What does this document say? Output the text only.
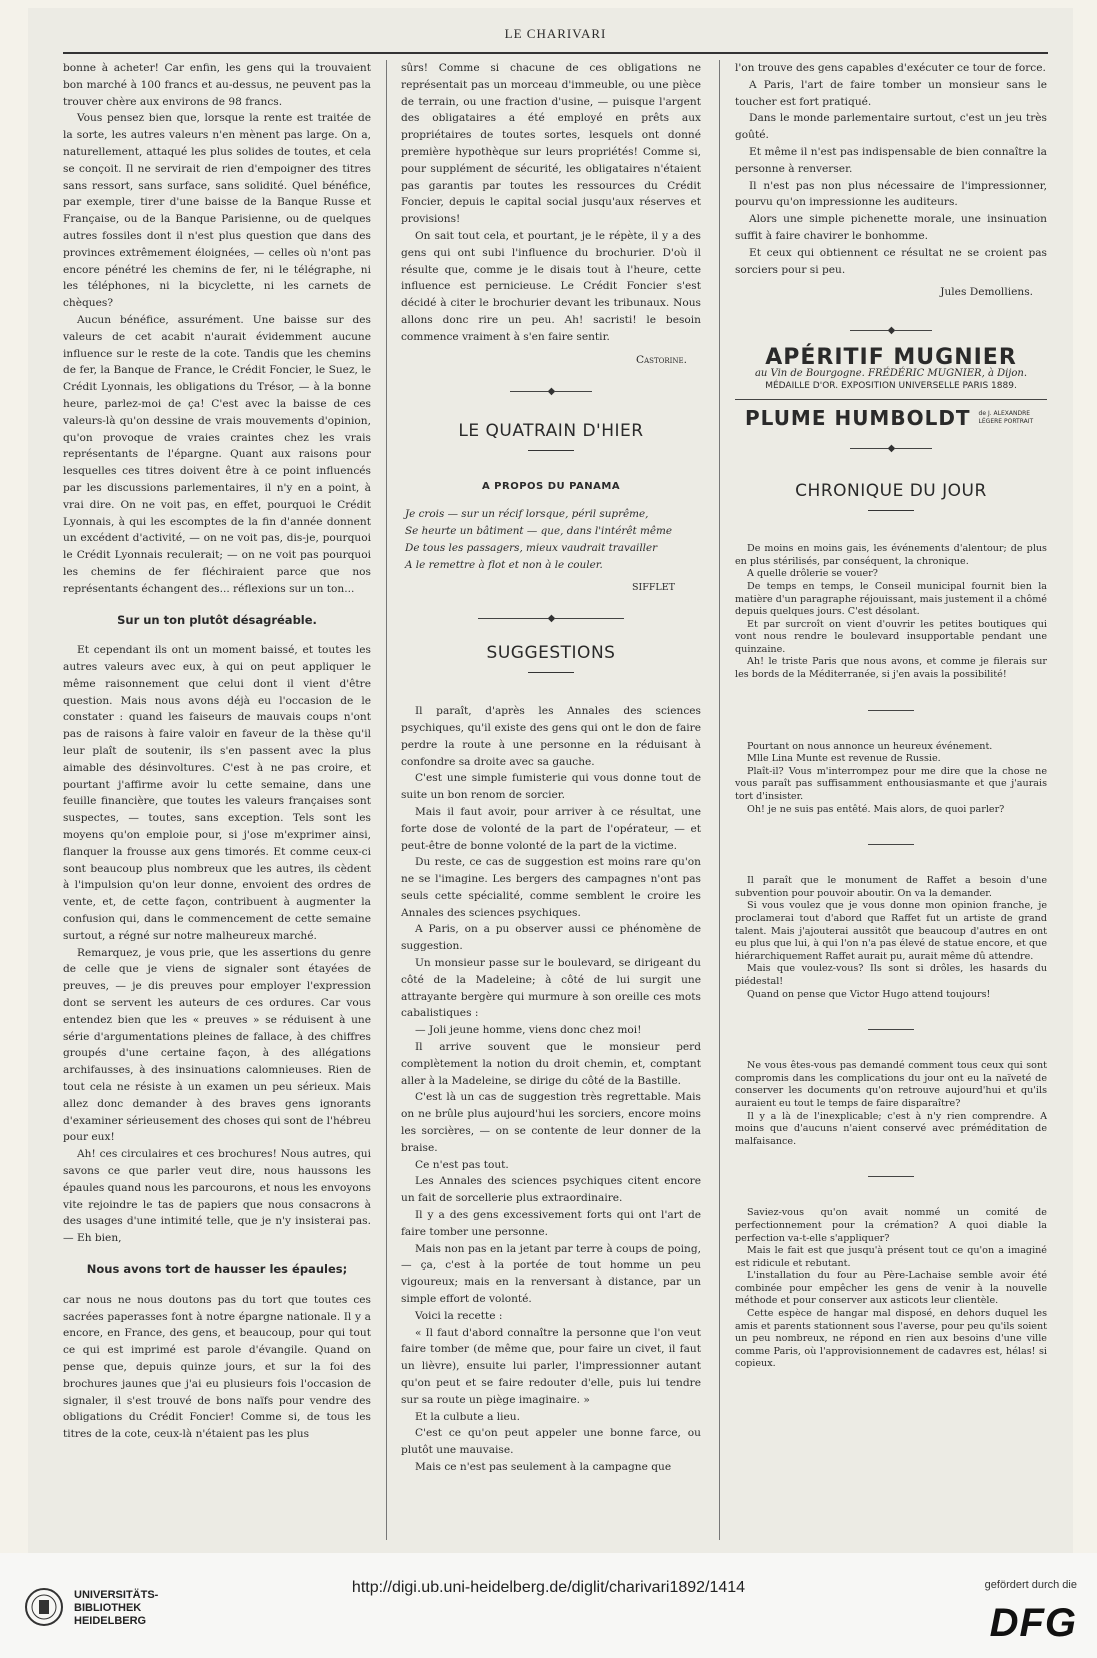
LE CHARIVARI

bonne à acheter! Car enfin, les gens qui la trouvaient bon marché à 100 francs et au-dessus, ne peuvent pas la trouver chère aux environs de 98 francs.

Vous pensez bien que, lorsque la rente est traitée de la sorte, les autres valeurs n'en mènent pas large. On a, naturellement, attaqué les plus solides de toutes, et cela se conçoit. Il ne servirait de rien d'empoigner des titres sans ressort, sans surface, sans solidité. Quel bénéfice, par exemple, tirer d'une baisse de la Banque Russe et Française, ou de la Banque Parisienne, ou de quelques autres fossiles dont il n'est plus question que dans des provinces extrêmement éloignées, — celles où n'ont pas encore pénétré les chemins de fer, ni le télégraphe, ni les téléphones, ni la bicyclette, ni les carnets de chèques?

Aucun bénéfice, assurément. Une baisse sur des valeurs de cet acabit n'aurait évidemment aucune influence sur le reste de la cote. Tandis que les chemins de fer, la Banque de France, le Crédit Foncier, le Suez, le Crédit Lyonnais, les obligations du Trésor, — à la bonne heure, parlez-moi de ça! C'est avec la baisse de ces valeurs-là qu'on dessine de vrais mouvements d'opinion, qu'on provoque de vraies craintes chez les vrais représentants de l'épargne. Quant aux raisons pour lesquelles ces titres doivent être à ce point influencés par les discussions parlementaires, il n'y en a point, à vrai dire. On ne voit pas, en effet, pourquoi le Crédit Lyonnais, à qui les escomptes de la fin d'année donnent un excédent d'activité, — on ne voit pas, dis-je, pourquoi le Crédit Lyonnais reculerait; — on ne voit pas pourquoi les chemins de fer fléchiraient parce que nos représentants échangent des... réflexions sur un ton...

Sur un ton plutôt désagréable.

Et cependant ils ont un moment baissé, et toutes les autres valeurs avec eux, à qui on peut appliquer le même raisonnement que celui dont il vient d'être question. Mais nous avons déjà eu l'occasion de le constater : quand les faiseurs de mauvais coups n'ont pas de raisons à faire valoir en faveur de la thèse qu'il leur plaît de soutenir, ils s'en passent avec la plus aimable des désinvoltures. C'est à ne pas croire, et pourtant j'affirme avoir lu cette semaine, dans une feuille financière, que toutes les valeurs françaises sont suspectes, — toutes, sans exception. Tels sont les moyens qu'on emploie pour, si j'ose m'exprimer ainsi, flanquer la frousse aux gens timorés. Et comme ceux-ci sont beaucoup plus nombreux que les autres, ils cèdent à l'impulsion qu'on leur donne, envoient des ordres de vente, et, de cette façon, contribuent à augmenter la confusion qui, dans le commencement de cette semaine surtout, a régné sur notre malheureux marché.

Remarquez, je vous prie, que les assertions du genre de celle que je viens de signaler sont étayées de preuves, — je dis preuves pour employer l'expression dont se servent les auteurs de ces ordures. Car vous entendez bien que les « preuves » se réduisent à une série d'argumentations pleines de fallace, à des chiffres groupés d'une certaine façon, à des allégations archifausses, à des insinuations calomnieuses. Rien de tout cela ne résiste à un examen un peu sérieux. Mais allez donc demander à des braves gens ignorants d'examiner sérieusement des choses qui sont de l'hébreu pour eux!

Ah! ces circulaires et ces brochures! Nous autres, qui savons ce que parler veut dire, nous haussons les épaules quand nous les parcourons, et nous les envoyons vite rejoindre le tas de papiers que nous consacrons à des usages d'une intimité telle, que je n'y insisterai pas. — Eh bien,

Nous avons tort de hausser les épaules;

car nous ne nous doutons pas du tort que toutes ces sacrées paperasses font à notre épargne nationale. Il y a encore, en France, des gens, et beaucoup, pour qui tout ce qui est imprimé est parole d'évangile. Quand on pense que, depuis quinze jours, et sur la foi des brochures jaunes que j'ai eu plusieurs fois l'occasion de signaler, il s'est trouvé de bons naïfs pour vendre des obligations du Crédit Foncier! Comme si, de tous les titres de la cote, ceux-là n'étaient pas les plus

sûrs! Comme si chacune de ces obligations ne représentait pas un morceau d'immeuble, ou une pièce de terrain, ou une fraction d'usine, — puisque l'argent des obligataires a été employé en prêts aux propriétaires de toutes sortes, lesquels ont donné première hypothèque sur leurs propriétés! Comme si, pour supplément de sécurité, les obligataires n'étaient pas garantis par toutes les ressources du Crédit Foncier, depuis le capital social jusqu'aux réserves et provisions!

On sait tout cela, et pourtant, je le répète, il y a des gens qui ont subi l'influence du brochurier. D'où il résulte que, comme je le disais tout à l'heure, cette influence est pernicieuse. Le Crédit Foncier s'est décidé à citer le brochurier devant les tribunaux. Nous allons donc rire un peu. Ah! sacristi! le besoin commence vraiment à s'en faire sentir.

Castorine.
◆
LE QUATRAIN D'HIER
A PROPOS DU PANAMA
Je crois — sur un récif lorsque, péril suprême,
Se heurte un bâtiment — que, dans l'intérêt même
De tous les passagers, mieux vaudrait travailler
A le remettre à flot et non à le couler.
SIFFLET
◆
SUGGESTIONS

Il paraît, d'après les Annales des sciences psychiques, qu'il existe des gens qui ont le don de faire perdre la route à une personne en la réduisant à confondre sa droite avec sa gauche.

C'est une simple fumisterie qui vous donne tout de suite un bon renom de sorcier.

Mais il faut avoir, pour arriver à ce résultat, une forte dose de volonté de la part de l'opérateur, — et peut-être de bonne volonté de la part de la victime.

Du reste, ce cas de suggestion est moins rare qu'on ne se l'imagine. Les bergers des campagnes n'ont pas seuls cette spécialité, comme semblent le croire les Annales des sciences psychiques.

A Paris, on a pu observer aussi ce phénomène de suggestion.

Un monsieur passe sur le boulevard, se dirigeant du côté de la Madeleine; à côté de lui surgit une attrayante bergère qui murmure à son oreille ces mots cabalistiques :

— Joli jeune homme, viens donc chez moi!

Il arrive souvent que le monsieur perd complètement la notion du droit chemin, et, comptant aller à la Madeleine, se dirige du côté de la Bastille.

C'est là un cas de suggestion très regrettable. Mais on ne brûle plus aujourd'hui les sorciers, encore moins les sorcières, — on se contente de leur donner de la braise.

Ce n'est pas tout.

Les Annales des sciences psychiques citent encore un fait de sorcellerie plus extraordinaire.

Il y a des gens excessivement forts qui ont l'art de faire tomber une personne.

Mais non pas en la jetant par terre à coups de poing, — ça, c'est à la portée de tout homme un peu vigoureux; mais en la renversant à distance, par un simple effort de volonté.

Voici la recette :

« Il faut d'abord connaître la personne que l'on veut faire tomber (de même que, pour faire un civet, il faut un lièvre), ensuite lui parler, l'impressionner autant qu'on peut et se faire redouter d'elle, puis lui tendre sur sa route un piège imaginaire. »

Et la culbute a lieu.

C'est ce qu'on peut appeler une bonne farce, ou plutôt une mauvaise.

Mais ce n'est pas seulement à la campagne que

l'on trouve des gens capables d'exécuter ce tour de force.

A Paris, l'art de faire tomber un monsieur sans le toucher est fort pratiqué.

Dans le monde parlementaire surtout, c'est un jeu très goûté.

Et même il n'est pas indispensable de bien connaître la personne à renverser.

Il n'est pas non plus nécessaire de l'impressionner, pourvu qu'on impressionne les auditeurs.

Alors une simple pichenette morale, une insinuation suffit à faire chavirer le bonhomme.

Et ceux qui obtiennent ce résultat ne se croient pas sorciers pour si peu.

Jules Demolliens.
◆
APÉRITIF MUGNIER
au Vin de Bourgogne. FRÉDÉRIC MUGNIER, à Dijon.
MÉDAILLE D'OR. EXPOSITION UNIVERSELLE PARIS 1889.
PLUME HUMBOLDT de J. ALEXANDRE
LÉGERE PORTRAIT
◆
CHRONIQUE DU JOUR

De moins en moins gais, les événements d'alentour; de plus en plus stérilisés, par conséquent, la chronique.

A quelle drôlerie se vouer?

De temps en temps, le Conseil municipal fournit bien la matière d'un paragraphe réjouissant, mais justement il a chômé depuis quelques jours. C'est désolant.

Et par surcroît on vient d'ouvrir les petites boutiques qui vont nous rendre le boulevard insupportable pendant une quinzaine.

Ah! le triste Paris que nous avons, et comme je filerais sur les bords de la Méditerranée, si j'en avais la possibilité!

Pourtant on nous annonce un heureux événement.

Mlle Lina Munte est revenue de Russie.

Plaît-il? Vous m'interrompez pour me dire que la chose ne vous paraît pas suffisamment enthousiasmante et que j'aurais tort d'insister.

Oh! je ne suis pas entêté. Mais alors, de quoi parler?

Il paraît que le monument de Raffet a besoin d'une subvention pour pouvoir aboutir. On va la demander.

Si vous voulez que je vous donne mon opinion franche, je proclamerai tout d'abord que Raffet fut un artiste de grand talent. Mais j'ajouterai aussitôt que beaucoup d'autres en ont eu plus que lui, à qui l'on n'a pas élevé de statue encore, et que hiérarchiquement Raffet aurait pu, aurait même dû attendre.

Mais que voulez-vous? Ils sont si drôles, les hasards du piédestal!

Quand on pense que Victor Hugo attend toujours!

Ne vous êtes-vous pas demandé comment tous ceux qui sont compromis dans les complications du jour ont eu la naïveté de conserver les documents qu'on retrouve aujourd'hui et qu'ils auraient eu tout le temps de faire disparaître?

Il y a là de l'inexplicable; c'est à n'y rien comprendre. A moins que d'aucuns n'aient conservé avec préméditation de malfaisance.

Saviez-vous qu'on avait nommé un comité de perfectionnement pour la crémation? A quoi diable la perfection va-t-elle s'appliquer?

Mais le fait est que jusqu'à présent tout ce qu'on a imaginé est ridicule et rebutant.

L'installation du four au Père-Lachaise semble avoir été combinée pour empêcher les gens de venir à la nouvelle méthode et pour conserver aux asticots leur clientèle.

Cette espèce de hangar mal disposé, en dehors duquel les amis et parents stationnent sous l'averse, pour peu qu'ils soient un peu nombreux, ne répond en rien aux besoins d'une ville comme Paris, où l'approvisionnement de cadavres est, hélas! si copieux.

UNIVERSITÄTS-
BIBLIOTHEK
HEIDELBERG
http://digi.ub.uni-heidelberg.de/diglit/charivari1892/1414	gefördert durch die
DFG
